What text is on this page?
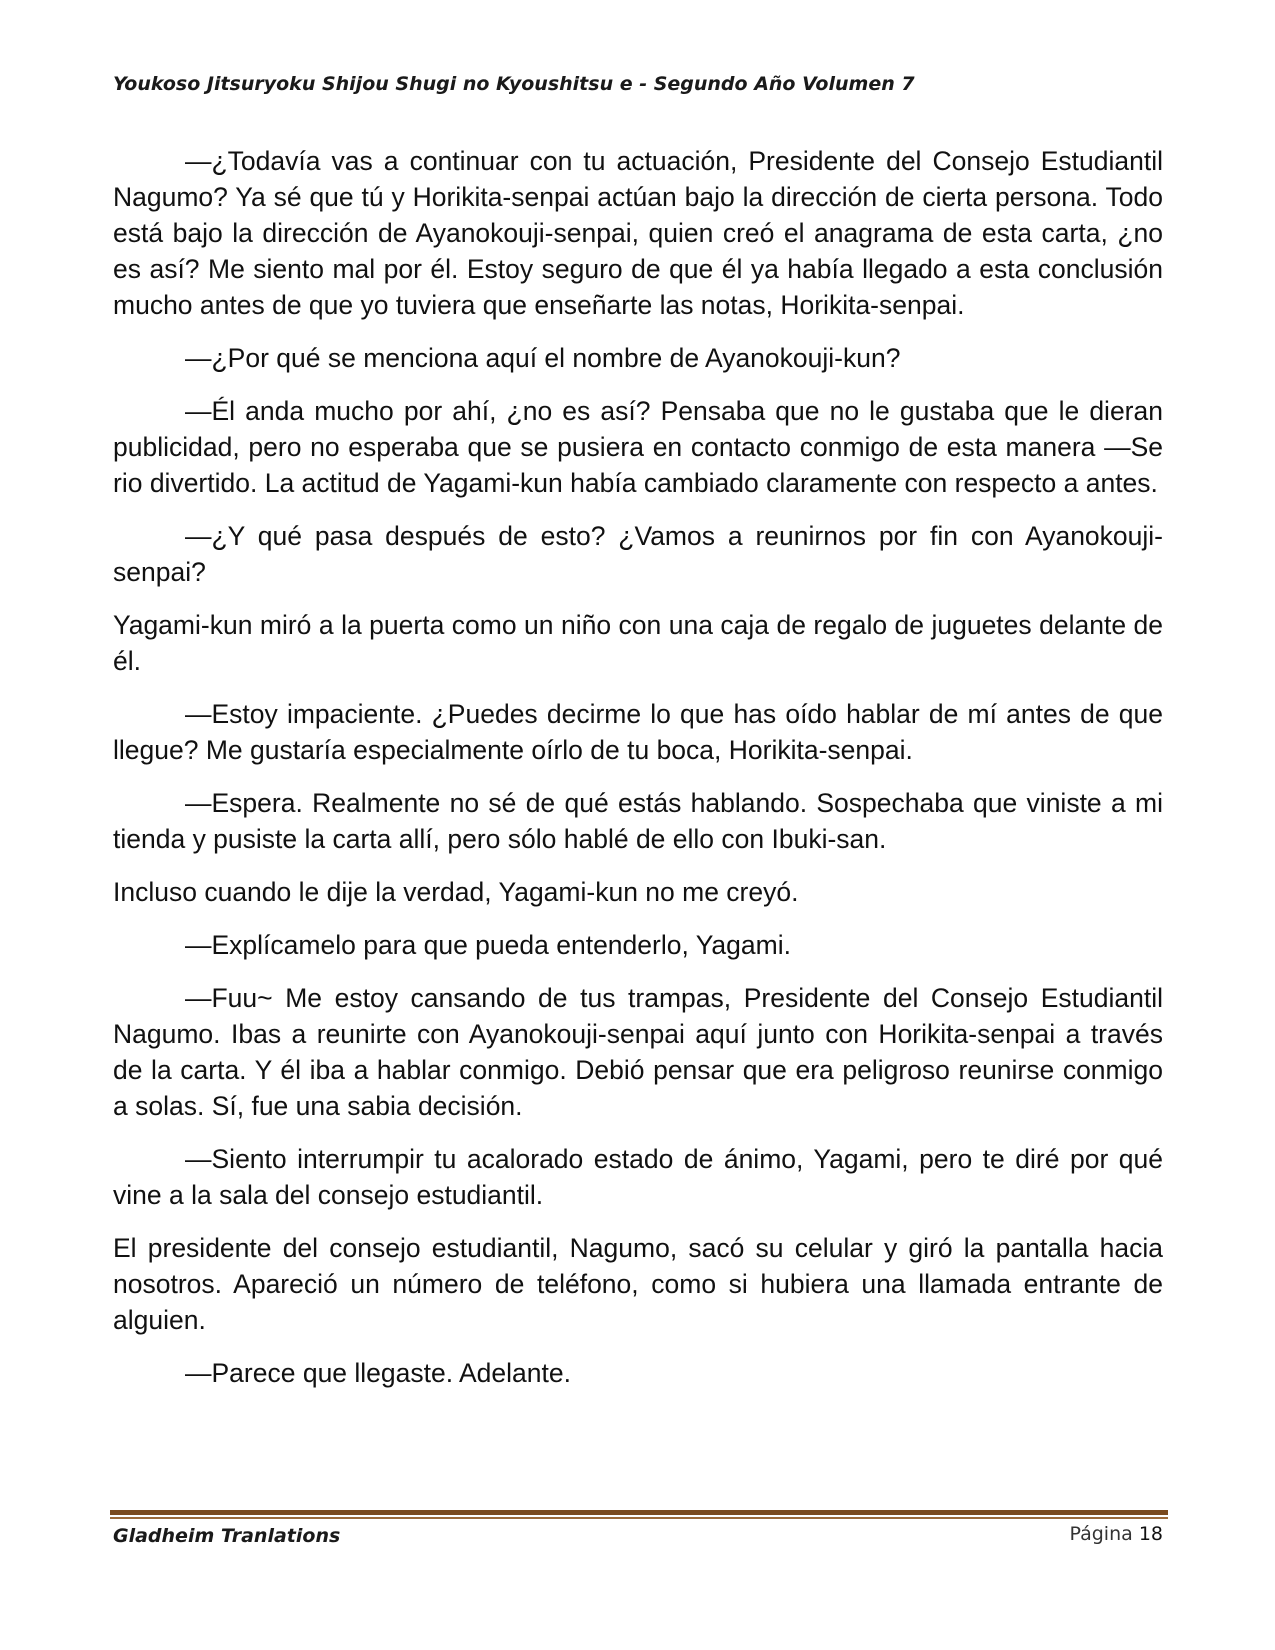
Youkoso Jitsuryoku Shijou Shugi no Kyoushitsu e - Segundo Año Volumen 7

—¿Todavía vas a continuar con tu actuación, Presidente del Consejo Estudiantil Nagumo? Ya sé que tú y Horikita-senpai actúan bajo la dirección de cierta persona. Todo está bajo la dirección de Ayanokouji-senpai, quien creó el anagrama de esta carta, ¿no es así? Me siento mal por él. Estoy seguro de que él ya había llegado a esta conclusión mucho antes de que yo tuviera que enseñarte las notas, Horikita-senpai.

—¿Por qué se menciona aquí el nombre de Ayanokouji-kun?

—Él anda mucho por ahí, ¿no es así? Pensaba que no le gustaba que le dieran publicidad, pero no esperaba que se pusiera en contacto conmigo de esta manera —Se rio divertido. La actitud de Yagami-kun había cambiado claramente con respecto a antes.

—¿Y qué pasa después de esto? ¿Vamos a reunirnos por fin con Ayanokouji-senpai?

Yagami-kun miró a la puerta como un niño con una caja de regalo de juguetes delante de él.

—Estoy impaciente. ¿Puedes decirme lo que has oído hablar de mí antes de que llegue? Me gustaría especialmente oírlo de tu boca, Horikita-senpai.

—Espera. Realmente no sé de qué estás hablando. Sospechaba que viniste a mi tienda y pusiste la carta allí, pero sólo hablé de ello con Ibuki-san.

Incluso cuando le dije la verdad, Yagami-kun no me creyó.

—Explícamelo para que pueda entenderlo, Yagami.

—Fuu~ Me estoy cansando de tus trampas, Presidente del Consejo Estudiantil Nagumo. Ibas a reunirte con Ayanokouji-senpai aquí junto con Horikita-senpai a través de la carta. Y él iba a hablar conmigo. Debió pensar que era peligroso reunirse conmigo a solas. Sí, fue una sabia decisión.

—Siento interrumpir tu acalorado estado de ánimo, Yagami, pero te diré por qué vine a la sala del consejo estudiantil.

El presidente del consejo estudiantil, Nagumo, sacó su celular y giró la pantalla hacia nosotros. Apareció un número de teléfono, como si hubiera una llamada entrante de alguien.

—Parece que llegaste. Adelante.

Gladheim Tranlations	Página 18
